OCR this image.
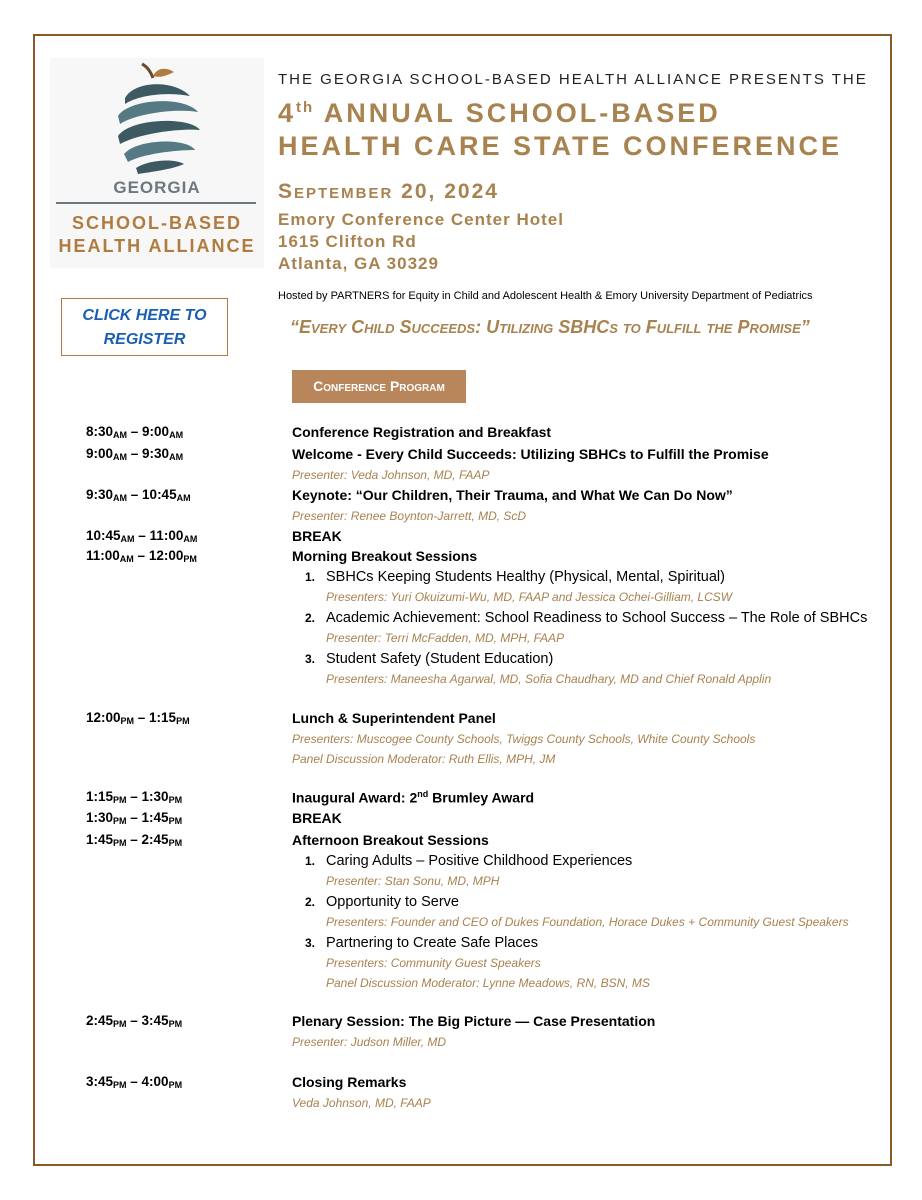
GEORGIA
SCHOOL-BASED
HEALTH ALLIANCE
THE GEORGIA SCHOOL-BASED HEALTH ALLIANCE PRESENTS THE
4th ANNUAL SCHOOL-BASED
HEALTH CARE STATE CONFERENCE
September 20, 2024
Emory Conference Center Hotel
1615 Clifton Rd
Atlanta, GA 30329
Hosted by PARTNERS for Equity in Child and Adolescent Health & Emory University Department of Pediatrics
CLICK HERE TO
REGISTER
“Every Child Succeeds: Utilizing SBHCs to Fulfill the Promise”
Conference Program
$8:30_{AM}$ – $9:00_{AM}$	Conference Registration and Breakfast
$9:00_{AM}$ – $9:30_{AM}$	Welcome - Every Child Succeeds: Utilizing SBHCs to Fulfill the Promise
Presenter: Veda Johnson, MD, FAAP
$9:30_{AM}$ – $10:45_{AM}$	Keynote: “Our Children, Their Trauma, and What We Can Do Now”
Presenter: Renee Boynton-Jarrett, MD, ScD
$10:45_{AM}$ – $11:00_{AM}$	BREAK
$11:00_{AM}$ – $12:00_{PM}$	Morning Breakout Sessions
1. SBHCs Keeping Students Healthy (Physical, Mental, Spiritual)
Presenters: Yuri Okuizumi-Wu, MD, FAAP and Jessica Ochei-Gilliam, LCSW
2. Academic Achievement: School Readiness to School Success – The Role of SBHCs
Presenter: Terri McFadden, MD, MPH, FAAP
3. Student Safety (Student Education)
Presenters: Maneesha Agarwal, MD, Sofia Chaudhary, MD and Chief Ronald Applin
$12:00_{PM}$ – $1:15_{PM}$	Lunch & Superintendent Panel
Presenters: Muscogee County Schools, Twiggs County Schools, White County Schools
Panel Discussion Moderator: Ruth Ellis, MPH, JM
$1:15_{PM}$ – $1:30_{PM}$	Inaugural Award: 2nd Brumley Award
$1:30_{PM}$ – $1:45_{PM}$	BREAK
$1:45_{PM}$ – $2:45_{PM}$	Afternoon Breakout Sessions
1. Caring Adults – Positive Childhood Experiences
Presenter: Stan Sonu, MD, MPH
2. Opportunity to Serve
Presenters: Founder and CEO of Dukes Foundation, Horace Dukes + Community Guest Speakers
3. Partnering to Create Safe Places
Presenters: Community Guest Speakers
Panel Discussion Moderator: Lynne Meadows, RN, BSN, MS
$2:45_{PM}$ – $3:45_{PM}$	Plenary Session: The Big Picture — Case Presentation
Presenter: Judson Miller, MD
$3:45_{PM}$ – $4:00_{PM}$	Closing Remarks
Veda Johnson, MD, FAAP
